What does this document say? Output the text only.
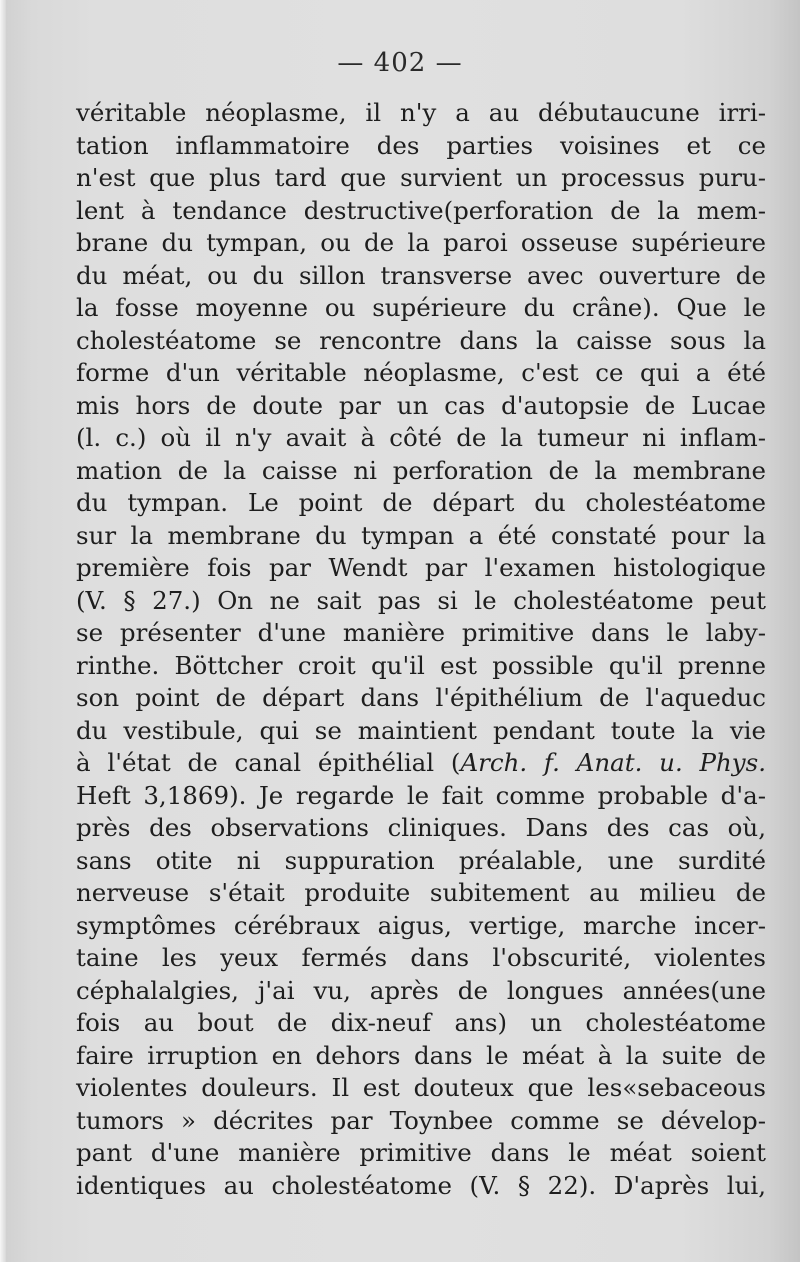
— 402 —
véritable néoplasme, il n'y a au débutaucune irri-
tation inflammatoire des parties voisines et ce
n'est que plus tard que survient un processus puru-
lent à tendance destructive(perforation de la mem-
brane du tympan, ou de la paroi osseuse supérieure
du méat, ou du sillon transverse avec ouverture de
la fosse moyenne ou supérieure du crâne). Que le
cholestéatome se rencontre dans la caisse sous la
forme d'un véritable néoplasme, c'est ce qui a été
mis hors de doute par un cas d'autopsie de Lucae
(l. c.) où il n'y avait à côté de la tumeur ni inflam-
mation de la caisse ni perforation de la membrane
du tympan. Le point de départ du cholestéatome
sur la membrane du tympan a été constaté pour la
première fois par Wendt par l'examen histologique
(V. § 27.) On ne sait pas si le cholestéatome peut
se présenter d'une manière primitive dans le laby-
rinthe. Böttcher croit qu'il est possible qu'il prenne
son point de départ dans l'épithélium de l'aqueduc
du vestibule, qui se maintient pendant toute la vie
à l'état de canal épithélial (Arch. f. Anat. u. Phys.
Heft 3,1869). Je regarde le fait comme probable d'a-
près des observations cliniques. Dans des cas où,
sans otite ni suppuration préalable, une surdité
nerveuse s'était produite subitement au milieu de
symptômes cérébraux aigus, vertige, marche incer-
taine les yeux fermés dans l'obscurité, violentes
céphalalgies, j'ai vu, après de longues années(une
fois au bout de dix-neuf ans) un cholestéatome
faire irruption en dehors dans le méat à la suite de
violentes douleurs. Il est douteux que les«sebaceous
tumors » décrites par Toynbee comme se dévelop-
pant d'une manière primitive dans le méat soient
identiques au cholestéatome (V. § 22). D'après lui,
